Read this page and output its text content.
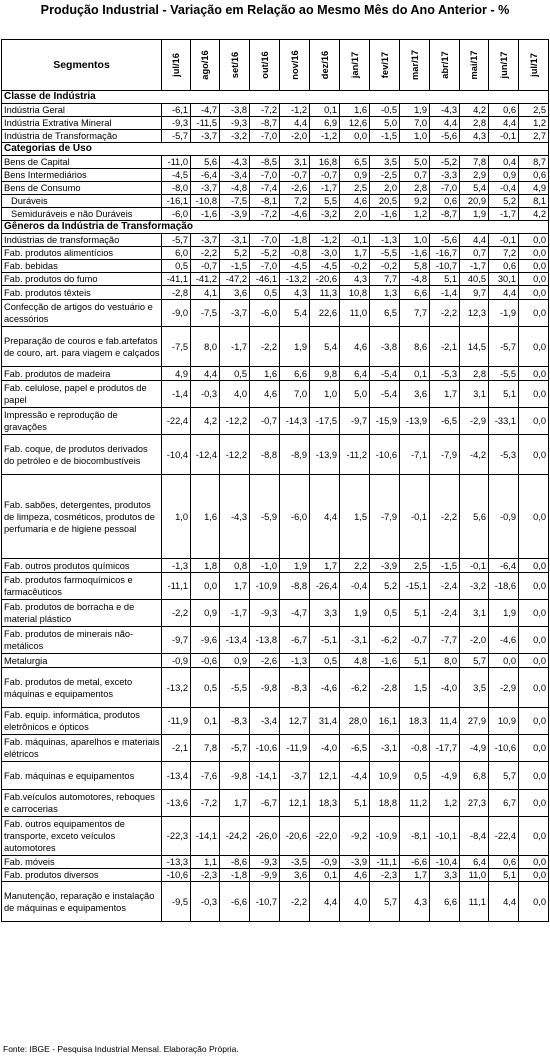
Produção Industrial - Variação em Relação ao Mesmo Mês do Ano Anterior - %
Segmentos	jul/16	ago/16	set/16	out/16	nov/16	dez/16	jan/17	fev/17	mar/17	abr/17	mai/17	jun/17	jul/17

Classe de Indústria													
Indústria Geral	-6,1	-4,7	-3,8	-7,2	-1,2	0,1	1,6	-0,5	1,9	-4,3	4,2	0,6	2,5
Indústria Extrativa Mineral	-9,3	-11,5	-9,3	-8,7	4,4	6,9	12,6	5,0	7,0	4,4	2,8	4,4	1,2
Indústria de Transformação	-5,7	-3,7	-3,2	-7,0	-2,0	-1,2	0,0	-1,5	1,0	-5,6	4,3	-0,1	2,7
Categorias de Uso													
Bens de Capital	-11,0	5,6	-4,3	-8,5	3,1	16,8	6,5	3,5	5,0	-5,2	7,8	0,4	8,7
Bens Intermediários	-4,5	-6,4	-3,4	-7,0	-0,7	-0,7	0,9	-2,5	0,7	-3,3	2,9	0,9	0,6
Bens de Consumo	-8,0	-3,7	-4,8	-7,4	-2,6	-1,7	2,5	2,0	2,8	-7,0	5,4	-0,4	4,9
Duráveis	-16,1	-10,8	-7,5	-8,1	7,2	5,5	4,6	20,5	9,2	0,6	20,9	5,2	8,1
Semiduráveis e não Duráveis	-6,0	-1,6	-3,9	-7,2	-4,6	-3,2	2,0	-1,6	1,2	-8,7	1,9	-1,7	4,2
Gêneros da Indústria de Transformação													
Indústrias de transformação	-5,7	-3,7	-3,1	-7,0	-1,8	-1,2	-0,1	-1,3	1,0	-5,6	4,4	-0,1	0,0
Fab. produtos alimentícios	6,0	-2,2	5,2	-5,2	-0,8	-3,0	1,7	-5,5	-1,6	-16,7	0,7	7,2	0,0
Fab. bebidas	0,5	-0,7	-1,5	-7,0	-4,5	-4,5	-0,2	-0,2	5,8	-10,7	-1,7	0,6	0,0
Fab. produtos do fumo	-41,1	-41,2	-47,2	-46,1	-13,2	-20,6	4,3	7,7	-4,8	5,1	40,5	30,1	0,0
Fab. produtos têxteis	-2,8	4,1	3,6	0,5	4,3	11,3	10,8	1,3	6,6	-1,4	9,7	4,4	0,0
Confecção de artigos do vestuário e acessórios	-9,0	-7,5	-3,7	-6,0	5,4	22,6	11,0	6,5	7,7	-2,2	12,3	-1,9	0,0
Preparação de couros e fab.artefatos de couro, art. para viagem e calçados	-7,5	8,0	-1,7	-2,2	1,9	5,4	4,6	-3,8	8,6	-2,1	14,5	-5,7	0,0
Fab. produtos de madeira	4,9	4,4	0,5	1,6	6,6	9,8	6,4	-5,4	0,1	-5,3	2,8	-5,5	0,0
Fab. celulose, papel e produtos de papel	-1,4	-0,3	4,0	4,6	7,0	1,0	5,0	-5,4	3,6	1,7	3,1	5,1	0,0
Impressão e reprodução de gravações	-22,4	4,2	-12,2	-0,7	-14,3	-17,5	-9,7	-15,9	-13,9	-6,5	-2,9	-33,1	0,0
Fab. coque, de produtos derivados do petróleo e de biocombustíveis	-10,4	-12,4	-12,2	-8,8	-8,9	-13,9	-11,2	-10,6	-7,1	-7,9	-4,2	-5,3	0,0
Fab. sabões, detergentes, produtos de limpeza, cosméticos, produtos de perfumaria e de higiene pessoal	1,0	1,6	-4,3	-5,9	-6,0	4,4	1,5	-7,9	-0,1	-2,2	5,6	-0,9	0,0
Fab. outros produtos químicos	-1,3	1,8	0,8	-1,0	1,9	1,7	2,2	-3,9	2,5	-1,5	-0,1	-6,4	0,0
Fab. produtos farmoquímicos e farmacêuticos	-11,1	0,0	1,7	-10,9	-8,8	-26,4	-0,4	5,2	-15,1	-2,4	-3,2	-18,6	0,0
Fab. produtos de borracha e de material plástico	-2,2	0,9	-1,7	-9,3	-4,7	3,3	1,9	0,5	5,1	-2,4	3,1	1,9	0,0
Fab. produtos de minerais não-metálicos	-9,7	-9,6	-13,4	-13,8	-6,7	-5,1	-3,1	-6,2	-0,7	-7,7	-2,0	-4,6	0,0
Metalurgia	-0,9	-0,6	0,9	-2,6	-1,3	0,5	4,8	-1,6	5,1	8,0	5,7	0,0	0,0
Fab. produtos de metal, exceto máquinas e equipamentos	-13,2	0,5	-5,5	-9,8	-8,3	-4,6	-6,2	-2,8	1,5	-4,0	3,5	-2,9	0,0
Fab. equip. informática, produtos eletrônicos e ópticos	-11,9	0,1	-8,3	-3,4	12,7	31,4	28,0	16,1	18,3	11,4	27,9	10,9	0,0
Fab. máquinas, aparelhos e materiais elétricos	-2,1	7,8	-5,7	-10,6	-11,9	-4,0	-6,5	-3,1	-0,8	-17,7	-4,9	-10,6	0,0
Fab. máquinas e equipamentos	-13,4	-7,6	-9,8	-14,1	-3,7	12,1	-4,4	10,9	0,5	-4,9	6,8	5,7	0,0
Fab.veículos automotores, reboques e carrocerias	-13,6	-7,2	1,7	-6,7	12,1	18,3	5,1	18,8	11,2	1,2	27,3	6,7	0,0
Fab. outros equipamentos de transporte, exceto veículos automotores	-22,3	-14,1	-24,2	-26,0	-20,6	-22,0	-9,2	-10,9	-8,1	-10,1	-8,4	-22,4	0,0
Fab. móveis	-13,3	1,1	-8,6	-9,3	-3,5	-0,9	-3,9	-11,1	-6,6	-10,4	6,4	0,6	0,0
Fab. produtos diversos	-10,6	-2,3	-1,8	-9,9	3,6	0,1	4,6	-2,3	1,7	3,3	11,0	5,1	0,0
Manutenção, reparação e instalação de máquinas e equipamentos	-9,5	-0,3	-6,6	-10,7	-2,2	4,4	4,0	5,7	4,3	6,6	11,1	4,4	0,0
Fonte: IBGE - Pesquisa Industrial Mensal. Elaboração Própria.
